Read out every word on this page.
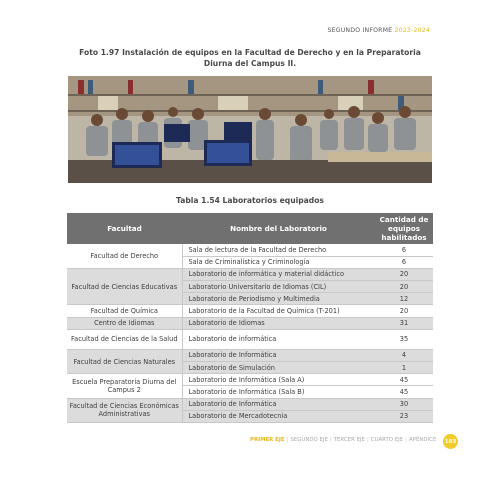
SEGUNDO INFORME 2023-2024
Foto 1.97 Instalación de equipos en la Facultad de Derecho y en la Preparatoria Diurna del Campus II.
Tabla 1.54 Laboratorios equipados
Facultad	Nombre del Laboratorio	Cantidad de equipos habilitados
Facultad de Derecho	Sala de lectura de la Facultad de Derecho	6
	Sala de Criminalística y Criminología	6
Facultad de Ciencias Educativas	Laboratorio de informática y material didáctico	20
	Laboratorio Universitario de Idiomas (CIL)	20
	Laboratorio de Periodismo y Multimedia	12
Facultad de Química	Laboratorio de la Facultad de Química (T-201)	20
Centro de Idiomas	Laboratorio de Idiomas	31
Facultad de Ciencias de la Salud	Laboratorio de informática	35
Facultad de Ciencias Naturales	Laboratorio de Informática	4
	Laboratorio de Simulación	1
Escuela Preparatoria Diurna del Campus 2	Laboratorio de Informática (Sala A)	45
	Laboratorio de Informática (Sala B)	45
Facultad de Ciencias Económicas Administrativas	Laboratorio de Informática	30
	Laboratorio de Mercadotecnia	23
PRIMER EJE | SEGUNDO EJE | TERCER EJE | CUARTO EJE | APÉNDICE	183
